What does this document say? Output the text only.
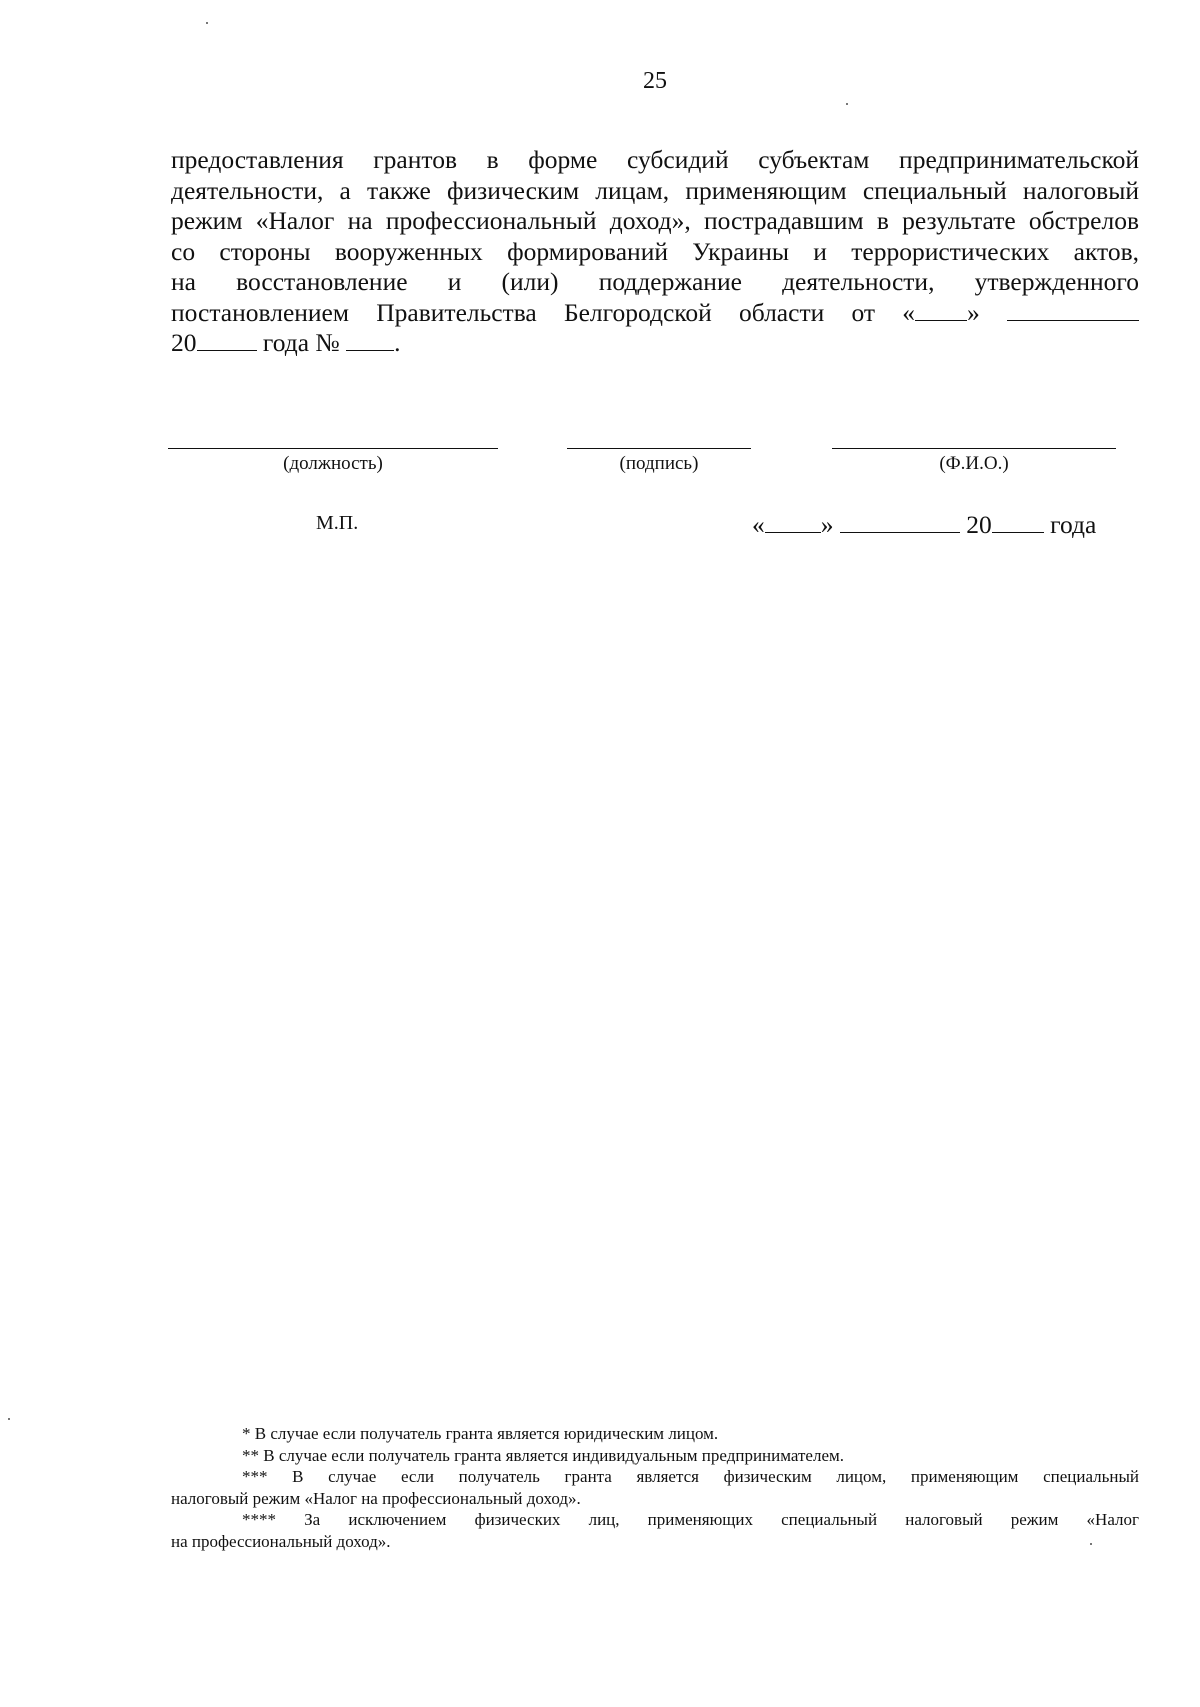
25
предоставления грантов в форме субсидий субъектам предпринимательской
деятельности, а также физическим лицам, применяющим специальный налоговый
режим «Налог на профессиональный доход», пострадавшим в результате обстрелов
со стороны вооруженных формирований Украины и террористических актов,
на восстановление и (или) поддержание деятельности, утвержденного
постановлением Правительства Белгородской области от « »
20 года № .
(должность)	(подпись)	(Ф.И.О.)
М.П.	« »	20 года
* В случае если получатель гранта является юридическим лицом.
** В случае если получатель гранта является индивидуальным предпринимателем.
*** В случае если получатель гранта является физическим лицом, применяющим специальный
налоговый режим «Налог на профессиональный доход».
**** За исключением физических лиц, применяющих специальный налоговый режим «Налог
на профессиональный доход».
